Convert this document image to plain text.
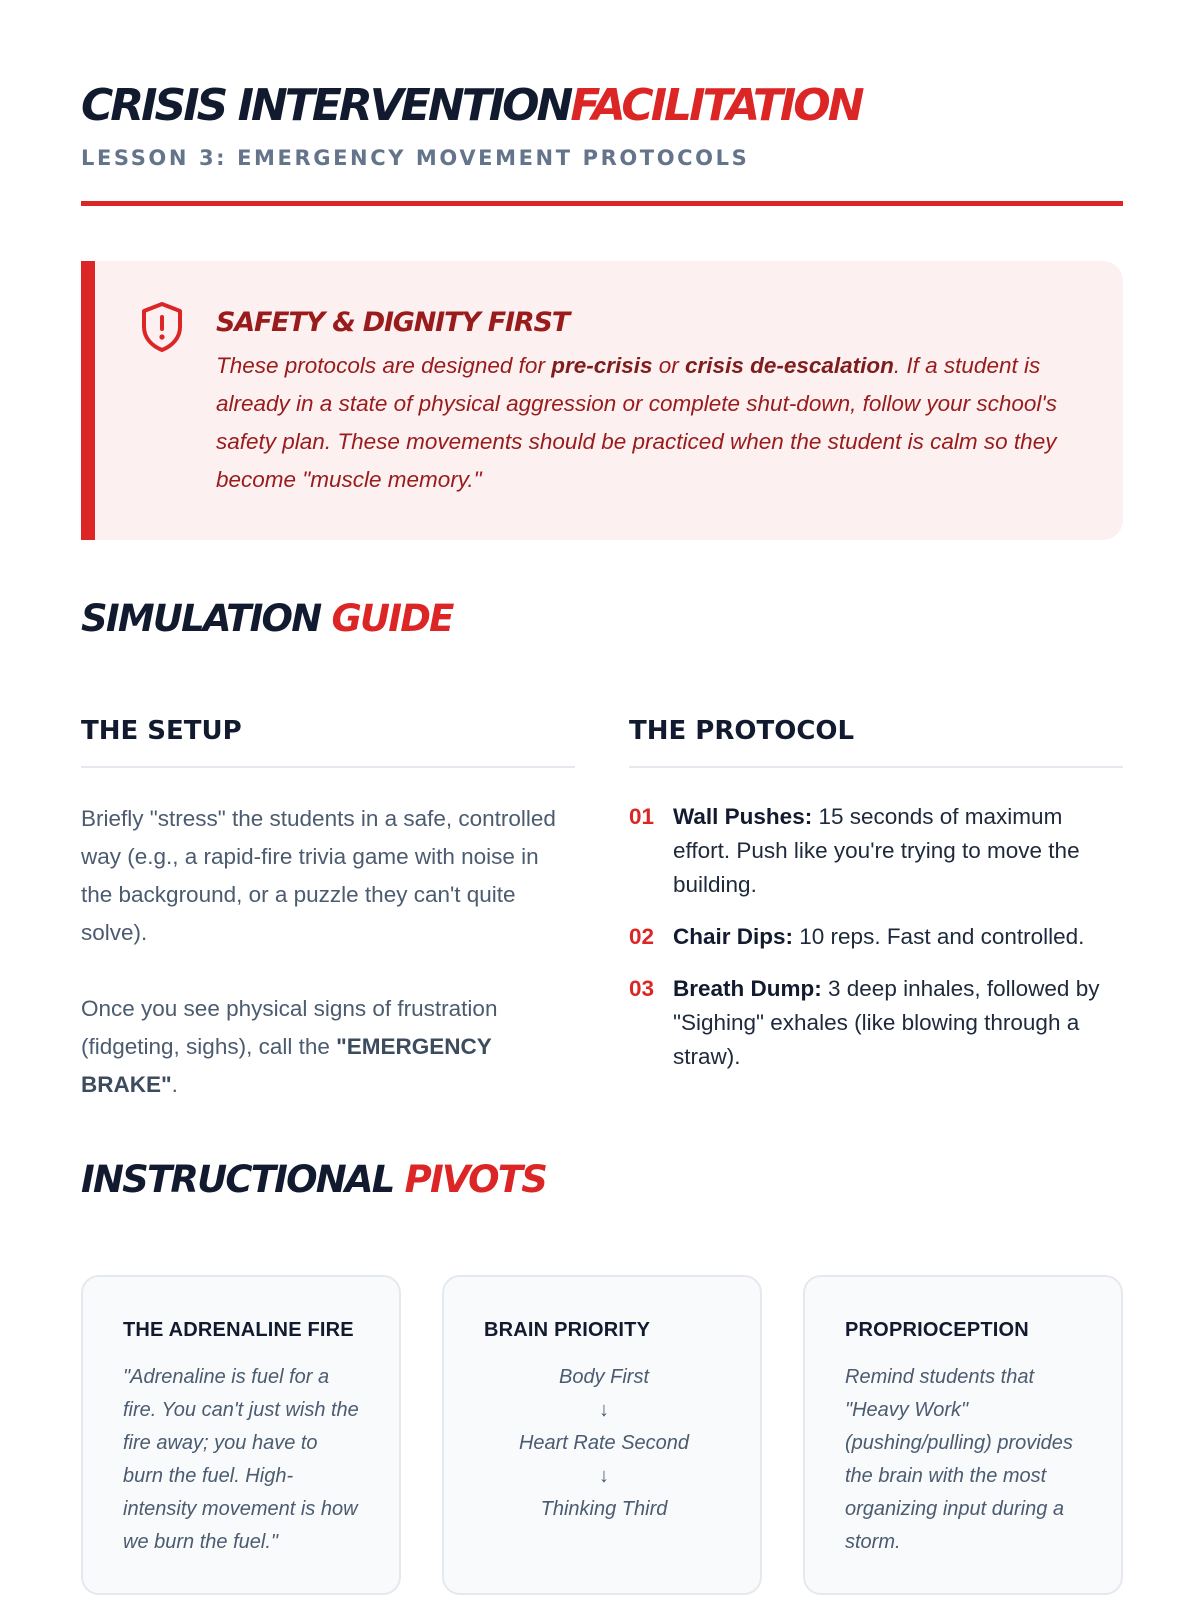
CRISIS INTERVENTIONFACILITATION
LESSON 3: EMERGENCY MOVEMENT PROTOCOLS
SAFETY & DIGNITY FIRST
These protocols are designed for pre-crisis or crisis de-escalation. If a student is already in a state of physical aggression or complete shut-down, follow your school's safety plan. These movements should be practiced when the student is calm so they become "muscle memory."
SIMULATION GUIDE
THE SETUP

Briefly "stress" the students in a safe, controlled way (e.g., a rapid-fire trivia game with noise in the background, or a puzzle they can't quite solve).

Once you see physical signs of frustration (fidgeting, sighs), call the "EMERGENCY BRAKE".

THE PROTOCOL
01 Wall Pushes: 15 seconds of maximum effort. Push like you're trying to move the building.
02 Chair Dips: 10 reps. Fast and controlled.
03 Breath Dump: 3 deep inhales, followed by "Sighing" exhales (like blowing through a straw).
INSTRUCTIONAL PIVOTS
THE ADRENALINE FIRE
"Adrenaline is fuel for a fire. You can't just wish the fire away; you have to burn the fuel. High-intensity movement is how we burn the fuel."
BRAIN PRIORITY
Body First
↓
Heart Rate Second
↓
Thinking Third
PROPRIOCEPTION
Remind students that "Heavy Work" (pushing/pulling) provides the brain with the most organizing input during a storm.
